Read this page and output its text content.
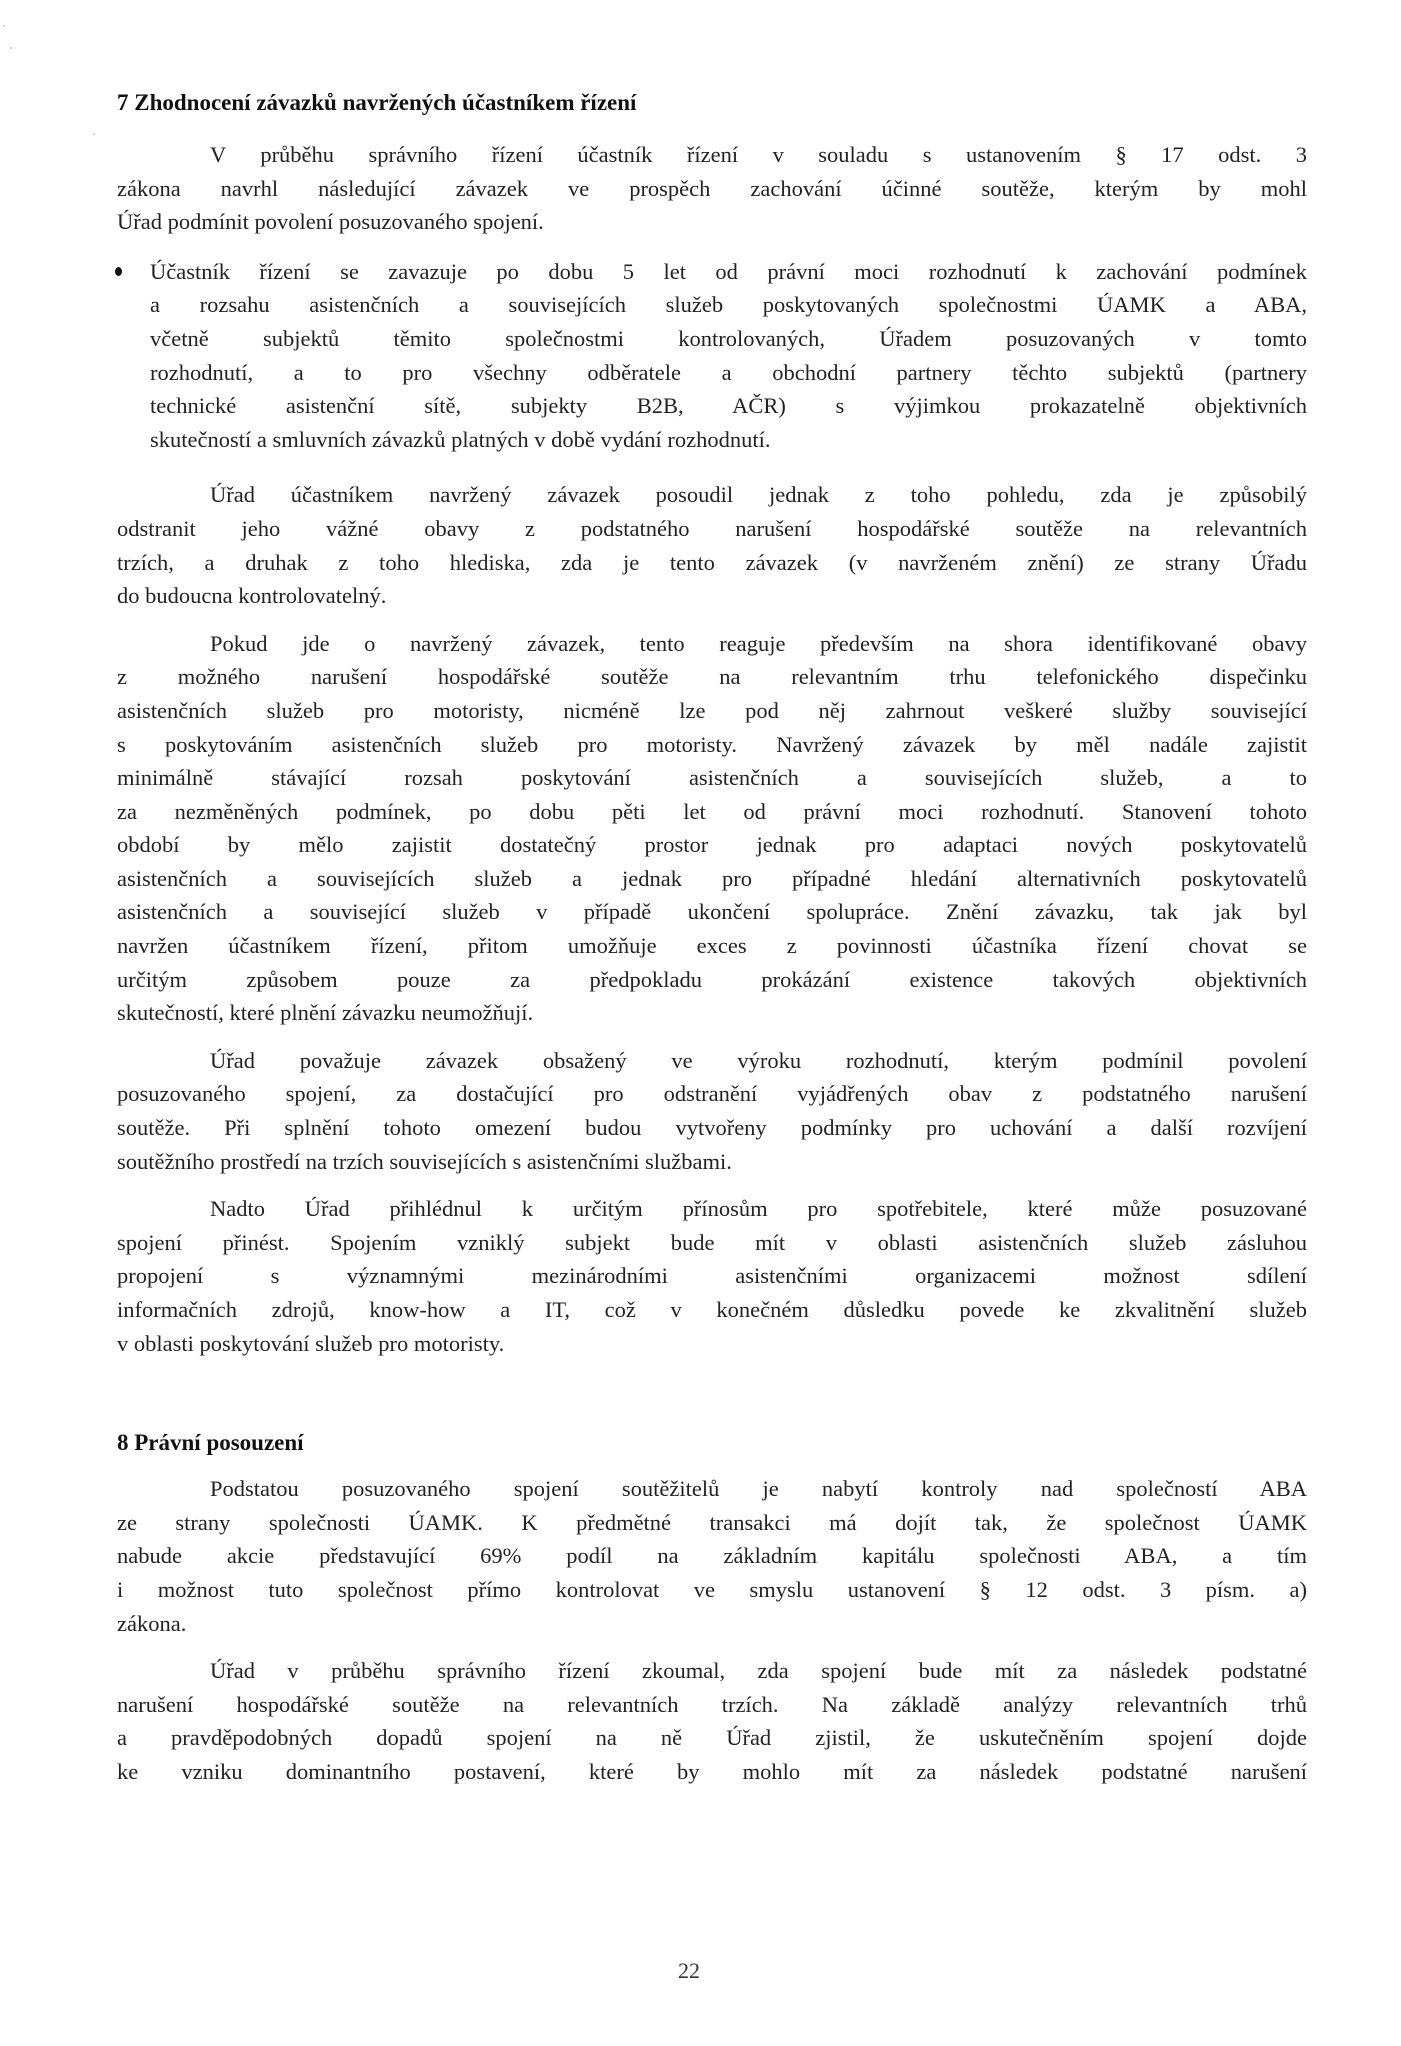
7 Zhodnocení závazků navržených účastníkem řízení
V průběhu správního řízení účastník řízení v souladu s ustanovením § 17 odst. 3
zákona navrhl následující závazek ve prospěch zachování účinné soutěže, kterým by mohl
Úřad podmínit povolení posuzovaného spojení.
Účastník řízení se zavazuje po dobu 5 let od právní moci rozhodnutí k zachování podmínek
a rozsahu asistenčních a souvisejících služeb poskytovaných společnostmi ÚAMK a ABA,
včetně subjektů těmito společnostmi kontrolovaných, Úřadem posuzovaných v tomto
rozhodnutí, a to pro všechny odběratele a obchodní partnery těchto subjektů (partnery
technické asistenční sítě, subjekty B2B, AČR) s výjimkou prokazatelně objektivních
skutečností a smluvních závazků platných v době vydání rozhodnutí.
Úřad účastníkem navržený závazek posoudil jednak z toho pohledu, zda je způsobilý
odstranit jeho vážné obavy z podstatného narušení hospodářské soutěže na relevantních
trzích, a druhak z toho hlediska, zda je tento závazek (v navrženém znění) ze strany Úřadu
do budoucna kontrolovatelný.
Pokud jde o navržený závazek, tento reaguje především na shora identifikované obavy
z možného narušení hospodářské soutěže na relevantním trhu telefonického dispečinku
asistenčních služeb pro motoristy, nicméně lze pod něj zahrnout veškeré služby související
s poskytováním asistenčních služeb pro motoristy. Navržený závazek by měl nadále zajistit
minimálně stávající rozsah poskytování asistenčních a souvisejících služeb, a to
za nezměněných podmínek, po dobu pěti let od právní moci rozhodnutí. Stanovení tohoto
období by mělo zajistit dostatečný prostor jednak pro adaptaci nových poskytovatelů
asistenčních a souvisejících služeb a jednak pro případné hledání alternativních poskytovatelů
asistenčních a související služeb v případě ukončení spolupráce. Znění závazku, tak jak byl
navržen účastníkem řízení, přitom umožňuje exces z povinnosti účastníka řízení chovat se
určitým způsobem pouze za předpokladu prokázání existence takových objektivních
skutečností, které plnění závazku neumožňují.
Úřad považuje závazek obsažený ve výroku rozhodnutí, kterým podmínil povolení
posuzovaného spojení, za dostačující pro odstranění vyjádřených obav z podstatného narušení
soutěže. Při splnění tohoto omezení budou vytvořeny podmínky pro uchování a další rozvíjení
soutěžního prostředí na trzích souvisejících s asistenčními službami.
Nadto Úřad přihlédnul k určitým přínosům pro spotřebitele, které může posuzované
spojení přinést. Spojením vzniklý subjekt bude mít v oblasti asistenčních služeb zásluhou
propojení s významnými mezinárodními asistenčními organizacemi možnost sdílení
informačních zdrojů, know-how a IT, což v konečném důsledku povede ke zkvalitnění služeb
v oblasti poskytování služeb pro motoristy.
8 Právní posouzení
Podstatou posuzovaného spojení soutěžitelů je nabytí kontroly nad společností ABA
ze strany společnosti ÚAMK. K předmětné transakci má dojít tak, že společnost ÚAMK
nabude akcie představující 69% podíl na základním kapitálu společnosti ABA, a tím
i možnost tuto společnost přímo kontrolovat ve smyslu ustanovení § 12 odst. 3 písm. a)
zákona.
Úřad v průběhu správního řízení zkoumal, zda spojení bude mít za následek podstatné
narušení hospodářské soutěže na relevantních trzích. Na základě analýzy relevantních trhů
a pravděpodobných dopadů spojení na ně Úřad zjistil, že uskutečněním spojení dojde
ke vzniku dominantního postavení, které by mohlo mít za následek podstatné narušení
22
